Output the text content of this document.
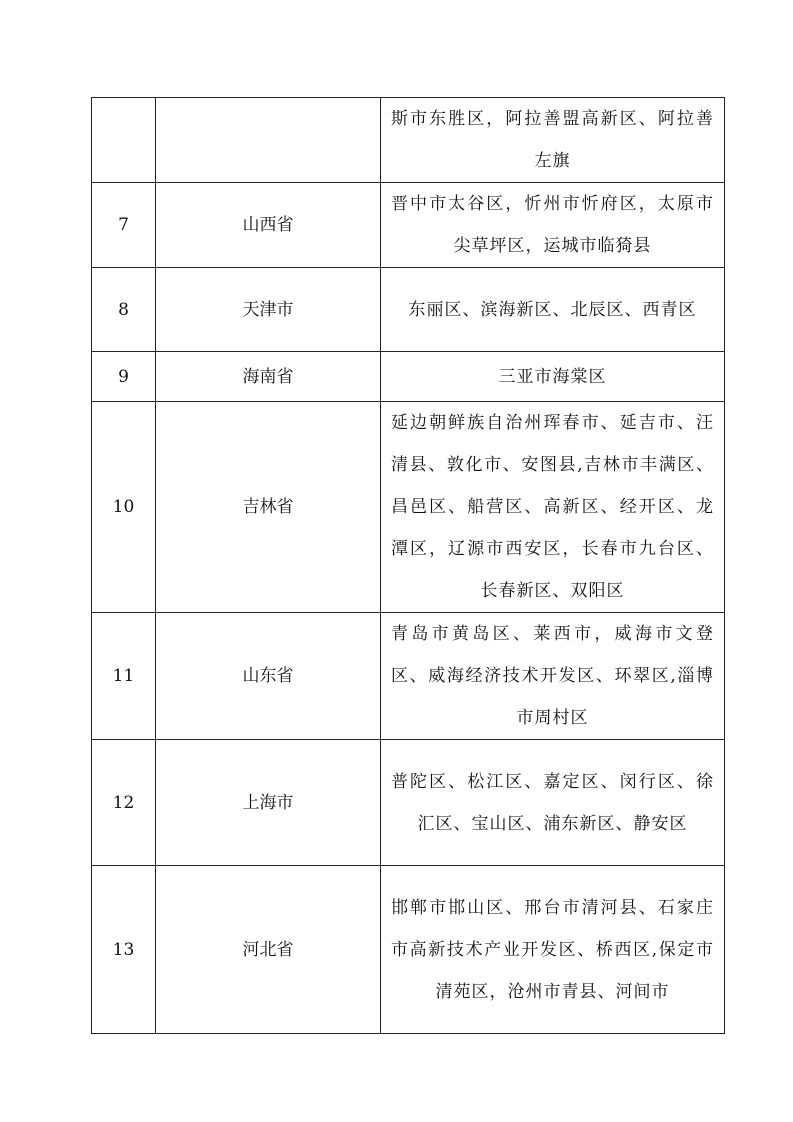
		斯市东胜区，阿拉善盟高新区、阿拉善左旗

7	山西省	晋中市太谷区，忻州市忻府区，太原市尖草坪区，运城市临猗县

8	天津市	东丽区、滨海新区、北辰区、西青区

9	海南省	三亚市海棠区

10	吉林省	延边朝鲜族自治州珲春市、延吉市、汪清县、敦化市、安图县,吉林市丰满区、昌邑区、船营区、高新区、经开区、龙潭区，辽源市西安区，长春市九台区、长春新区、双阳区

11	山东省	青岛市黄岛区、莱西市，威海市文登区、威海经济技术开发区、环翠区,淄博市周村区

12	上海市	普陀区、松江区、嘉定区、闵行区、徐汇区、宝山区、浦东新区、静安区

13	河北省	邯郸市邯山区、邢台市清河县、石家庄市高新技术产业开发区、桥西区,保定市清苑区，沧州市青县、河间市
